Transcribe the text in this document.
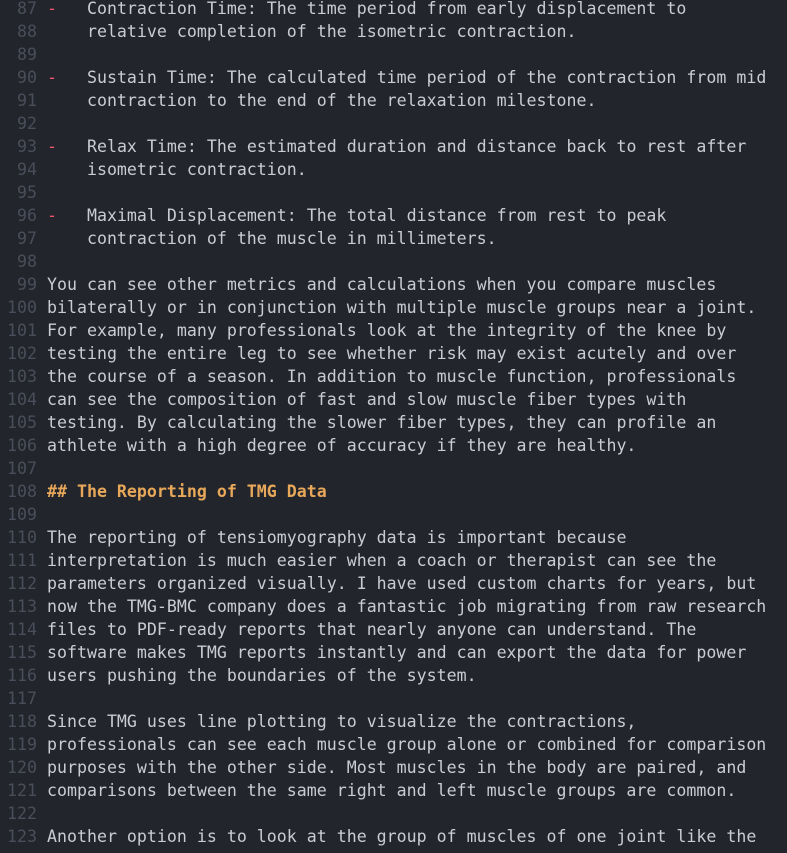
87 -   Contraction Time: The time period from early displacement to
88 relative completion of the isometric contraction.
89
90 -   Sustain Time: The calculated time period of the contraction from mid
91 contraction to the end of the relaxation milestone.
92
93 -   Relax Time: The estimated duration and distance back to rest after
94 isometric contraction.
95
96 -   Maximal Displacement: The total distance from rest to peak
97 contraction of the muscle in millimeters.
98
99 You can see other metrics and calculations when you compare muscles
100 bilaterally or in conjunction with multiple muscle groups near a joint.
101 For example, many professionals look at the integrity of the knee by
102 testing the entire leg to see whether risk may exist acutely and over
103 the course of a season. In addition to muscle function, professionals
104 can see the composition of fast and slow muscle fiber types with
105 testing. By calculating the slower fiber types, they can profile an
106 athlete with a high degree of accuracy if they are healthy.
107
108 ## The Reporting of TMG Data
109
110 The reporting of tensiomyography data is important because
111 interpretation is much easier when a coach or therapist can see the
112 parameters organized visually. I have used custom charts for years, but
113 now the TMG-BMC company does a fantastic job migrating from raw research
114 files to PDF-ready reports that nearly anyone can understand. The
115 software makes TMG reports instantly and can export the data for power
116 users pushing the boundaries of the system.
117
118 Since TMG uses line plotting to visualize the contractions,
119 professionals can see each muscle group alone or combined for comparison
120 purposes with the other side. Most muscles in the body are paired, and
121 comparisons between the same right and left muscle groups are common.
122
123 Another option is to look at the group of muscles of one joint like the
